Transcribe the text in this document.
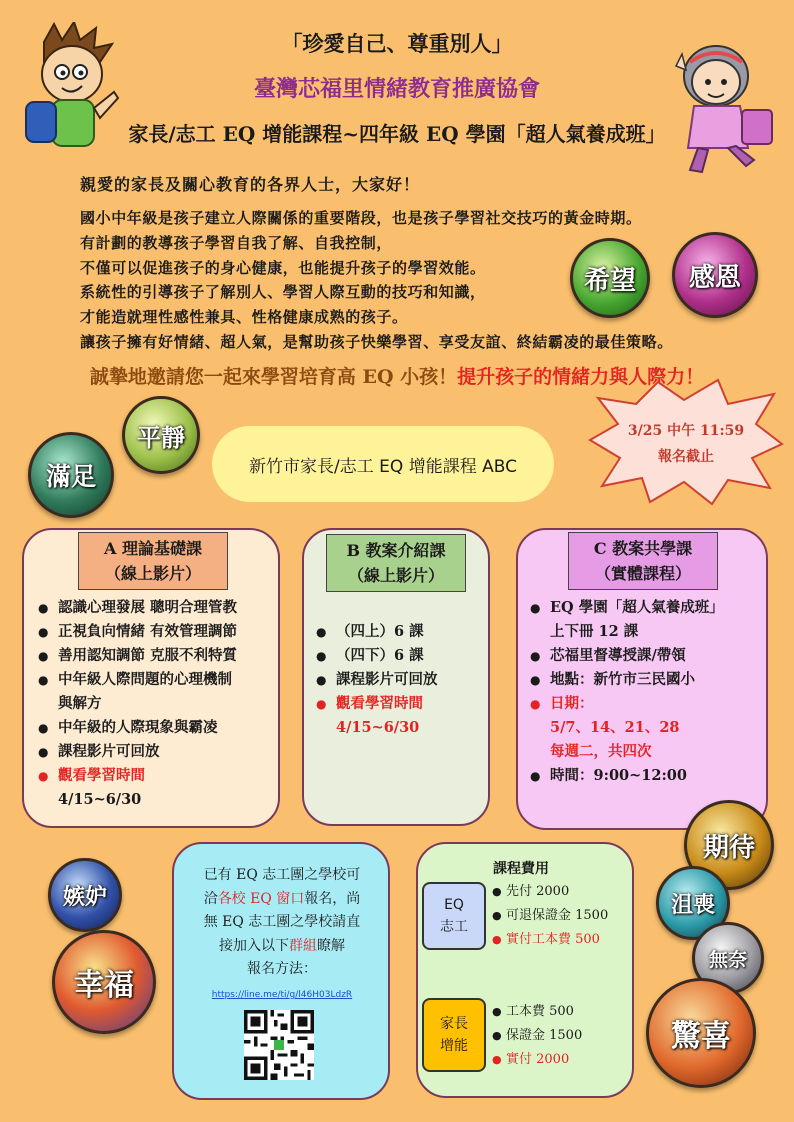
「珍愛自己、尊重別人」
臺灣芯福里情緒教育推廣協會
家長/志工 EQ 增能課程~四年級 EQ 學園「超人氣養成班」
親愛的家長及關心教育的各界人士，大家好！
國小中年級是孩子建立人際關係的重要階段，也是孩子學習社交技巧的黃金時期。
有計劃的教導孩子學習自我了解、自我控制，
不僅可以促進孩子的身心健康，也能提升孩子的學習效能。
系統性的引導孩子了解別人、學習人際互動的技巧和知識，
才能造就理性感性兼具、性格健康成熟的孩子。
讓孩子擁有好情緒、超人氣，是幫助孩子快樂學習、享受友誼、終結霸凌的最佳策略。
希望	感恩
誠摯地邀請您一起來學習培育高 EQ 小孩！提升孩子的情緒力與人際力！
平靜
滿足	新竹市家長/志工 EQ 增能課程 ABC
3/25 中午 11:59
報名截止
A 理論基礎課
（線上影片）
● 認識心理發展 聰明合理管教
● 正視負向情緒 有效管理調節
● 善用認知調節 克服不利特質
● 中年級人際問題的心理機制
與解方
● 中年級的人際現象與霸凌
● 課程影片可回放
● 觀看學習時間
4/15~6/30
B 教案介紹課
（線上影片）
● （四上）6 課
● （四下）6 課
● 課程影片可回放
● 觀看學習時間
4/15~6/30
C 教案共學課
（實體課程）
● EQ 學園「超人氣養成班」
上下冊 12 課
● 芯福里督導授課/帶領
● 地點：新竹市三民國小
● 日期：
5/7、14、21、28
每週二，共四次
● 時間：9:00~12:00
嫉妒
幸福
已有 EQ 志工團之學校可
洽各校 EQ 窗口報名，尚
無 EQ 志工團之學校請直
接加入以下群組瞭解
報名方法：
https://line.me/ti/g/l46H03LdzR
課程費用
EQ
志工
● 先付 2000
● 可退保證金 1500
● 實付工本費 500
家長
增能
● 工本費 500
● 保證金 1500
● 實付 2000
期待
沮喪
無奈
驚喜
